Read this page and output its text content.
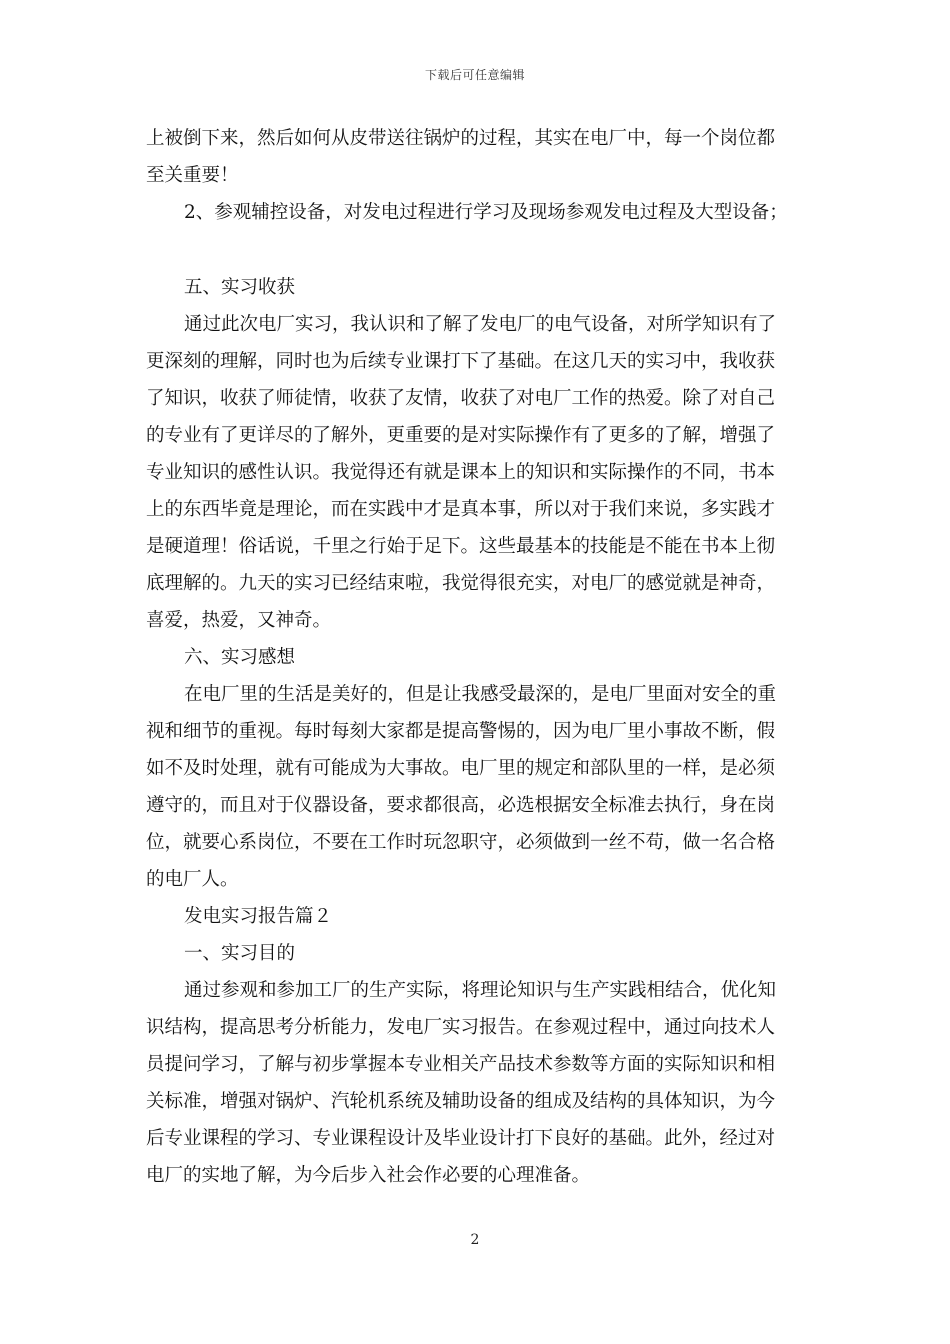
下载后可任意编辑
上被倒下来，然后如何从皮带送往锅炉的过程，其实在电厂中，每一个岗位都
至关重要！
2、参观辅控设备，对发电过程进行学习及现场参观发电过程及大型设备；
五、实习收获
通过此次电厂实习，我认识和了解了发电厂的电气设备，对所学知识有了
更深刻的理解，同时也为后续专业课打下了基础。在这几天的实习中，我收获
了知识，收获了师徒情，收获了友情，收获了对电厂工作的热爱。除了对自己
的专业有了更详尽的了解外，更重要的是对实际操作有了更多的了解，增强了
专业知识的感性认识。我觉得还有就是课本上的知识和实际操作的不同，书本
上的东西毕竟是理论，而在实践中才是真本事，所以对于我们来说，多实践才
是硬道理！俗话说，千里之行始于足下。这些最基本的技能是不能在书本上彻
底理解的。九天的实习已经结束啦，我觉得很充实，对电厂的感觉就是神奇，
喜爱，热爱，又神奇。
六、实习感想
在电厂里的生活是美好的，但是让我感受最深的，是电厂里面对安全的重
视和细节的重视。每时每刻大家都是提高警惕的，因为电厂里小事故不断，假
如不及时处理，就有可能成为大事故。电厂里的规定和部队里的一样，是必须
遵守的，而且对于仪器设备，要求都很高，必选根据安全标准去执行，身在岗
位，就要心系岗位，不要在工作时玩忽职守，必须做到一丝不苟，做一名合格
的电厂人。
发电实习报告篇２
一、实习目的
通过参观和参加工厂的生产实际，将理论知识与生产实践相结合，优化知
识结构，提高思考分析能力，发电厂实习报告。在参观过程中，通过向技术人
员提问学习，了解与初步掌握本专业相关产品技术参数等方面的实际知识和相
关标准，增强对锅炉、汽轮机系统及辅助设备的组成及结构的具体知识，为今
后专业课程的学习、专业课程设计及毕业设计打下良好的基础。此外，经过对
电厂的实地了解，为今后步入社会作必要的心理准备。
2
